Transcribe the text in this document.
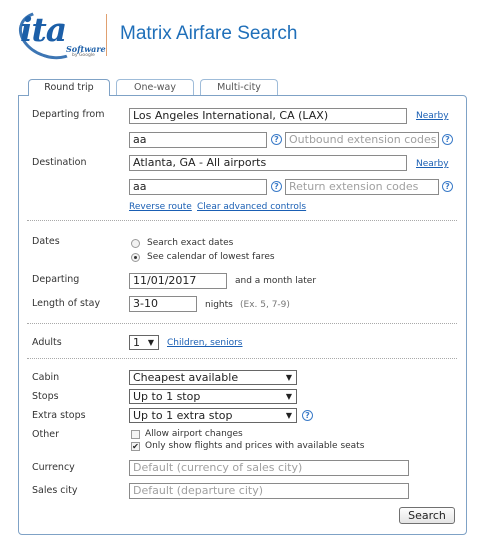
ita Software
by Google
Matrix Airfare Search
Round trip	One-way	Multi-city
Departing from	Los Angeles International, CA (LAX)	Nearby
aa	? Outbound extension codes	?
Destination	Atlanta, GA - All airports	Nearby
aa	? Return extension codes	?
Reverse route Clear advanced controls
Dates	Search exact dates
See calendar of lowest fares
Departing	11/01/2017	and a month later
Length of stay	3-10	nights (Ex. 5, 7-9)
Adults	1 ▼ Children, seniors
Cabin	Cheapest available	▼
Stops	Up to 1 stop	▼
Extra stops	Up to 1 extra stop	▼	?
Other	Allow airport changes
✔ Only show flights and prices with available seats
Currency	Default (currency of sales city)
Sales city	Default (departure city)
Search
